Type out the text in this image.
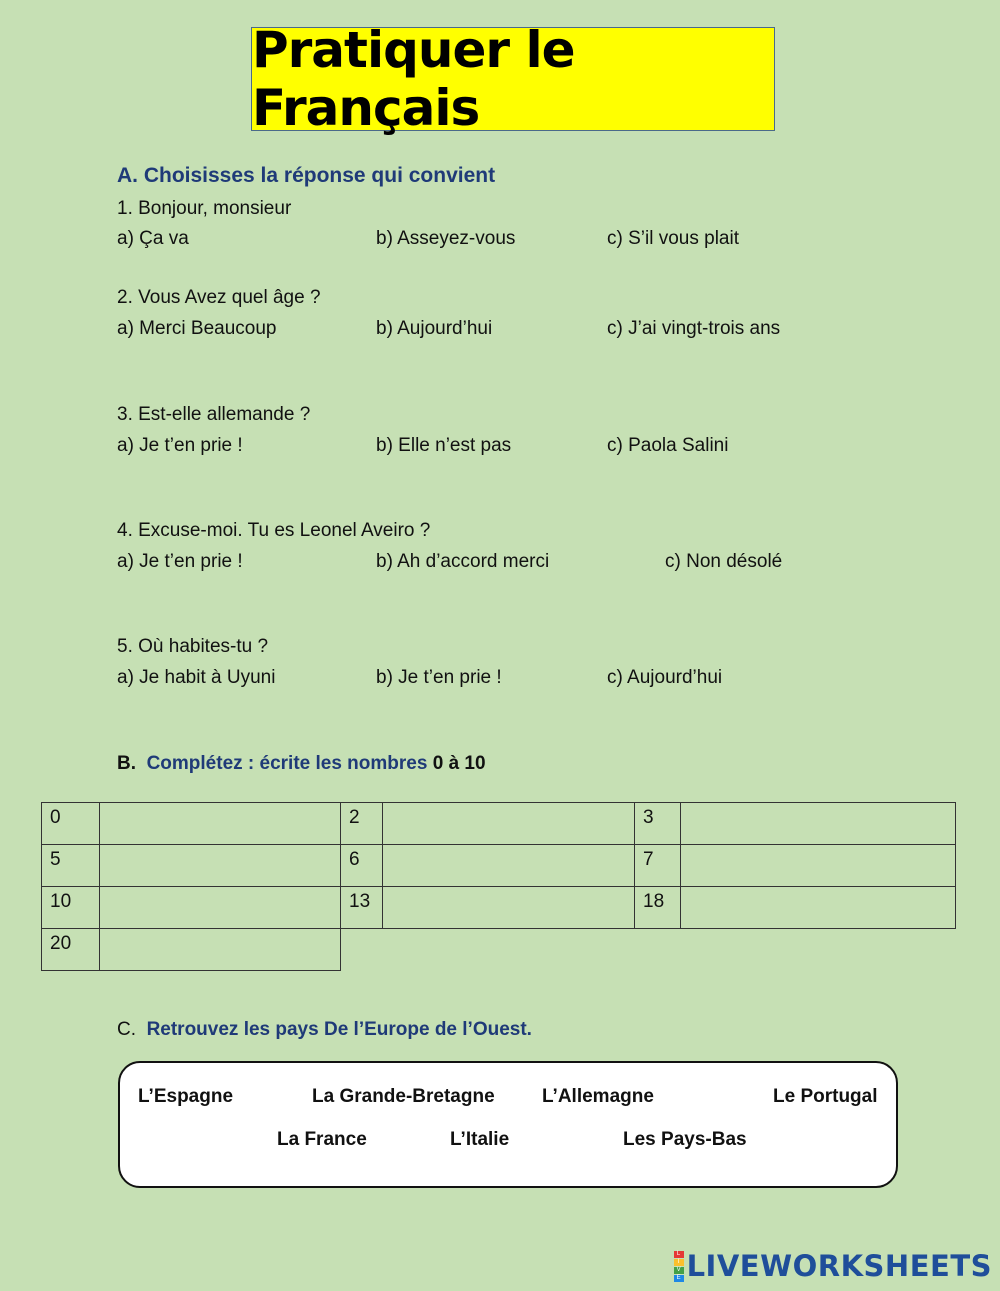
Pratiquer le Français
A. Choisisses la réponse qui convient
1. Bonjour, monsieur
a) Ça va	b) Asseyez-vous	c) S’il vous plait
2. Vous Avez quel âge ?
a) Merci Beaucoup	b) Aujourd’hui	c) J’ai vingt-trois ans
3. Est-elle allemande ?
a) Je t’en prie !	b) Elle n’est pas	c) Paola Salini
4. Excuse-moi. Tu es Leonel Aveiro ?
a) Je t’en prie !	b) Ah d’accord merci	c) Non désolé
5. Où habites-tu ?
a) Je habit à Uyuni	b) Je t’en prie !	c) Aujourd’hui
B. Complétez : écrite les nombres 0 à 10
0		2		3	
5		6		7	
10		13		18	
20					
C. Retrouvez les pays De l’Europe de l’Ouest.
L’Espagne	La Grande-Bretagne L’Allemagne	Le Portugal
La France	L’Italie	Les Pays-Bas
L
I
V
E LIVEWORKSHEETS
